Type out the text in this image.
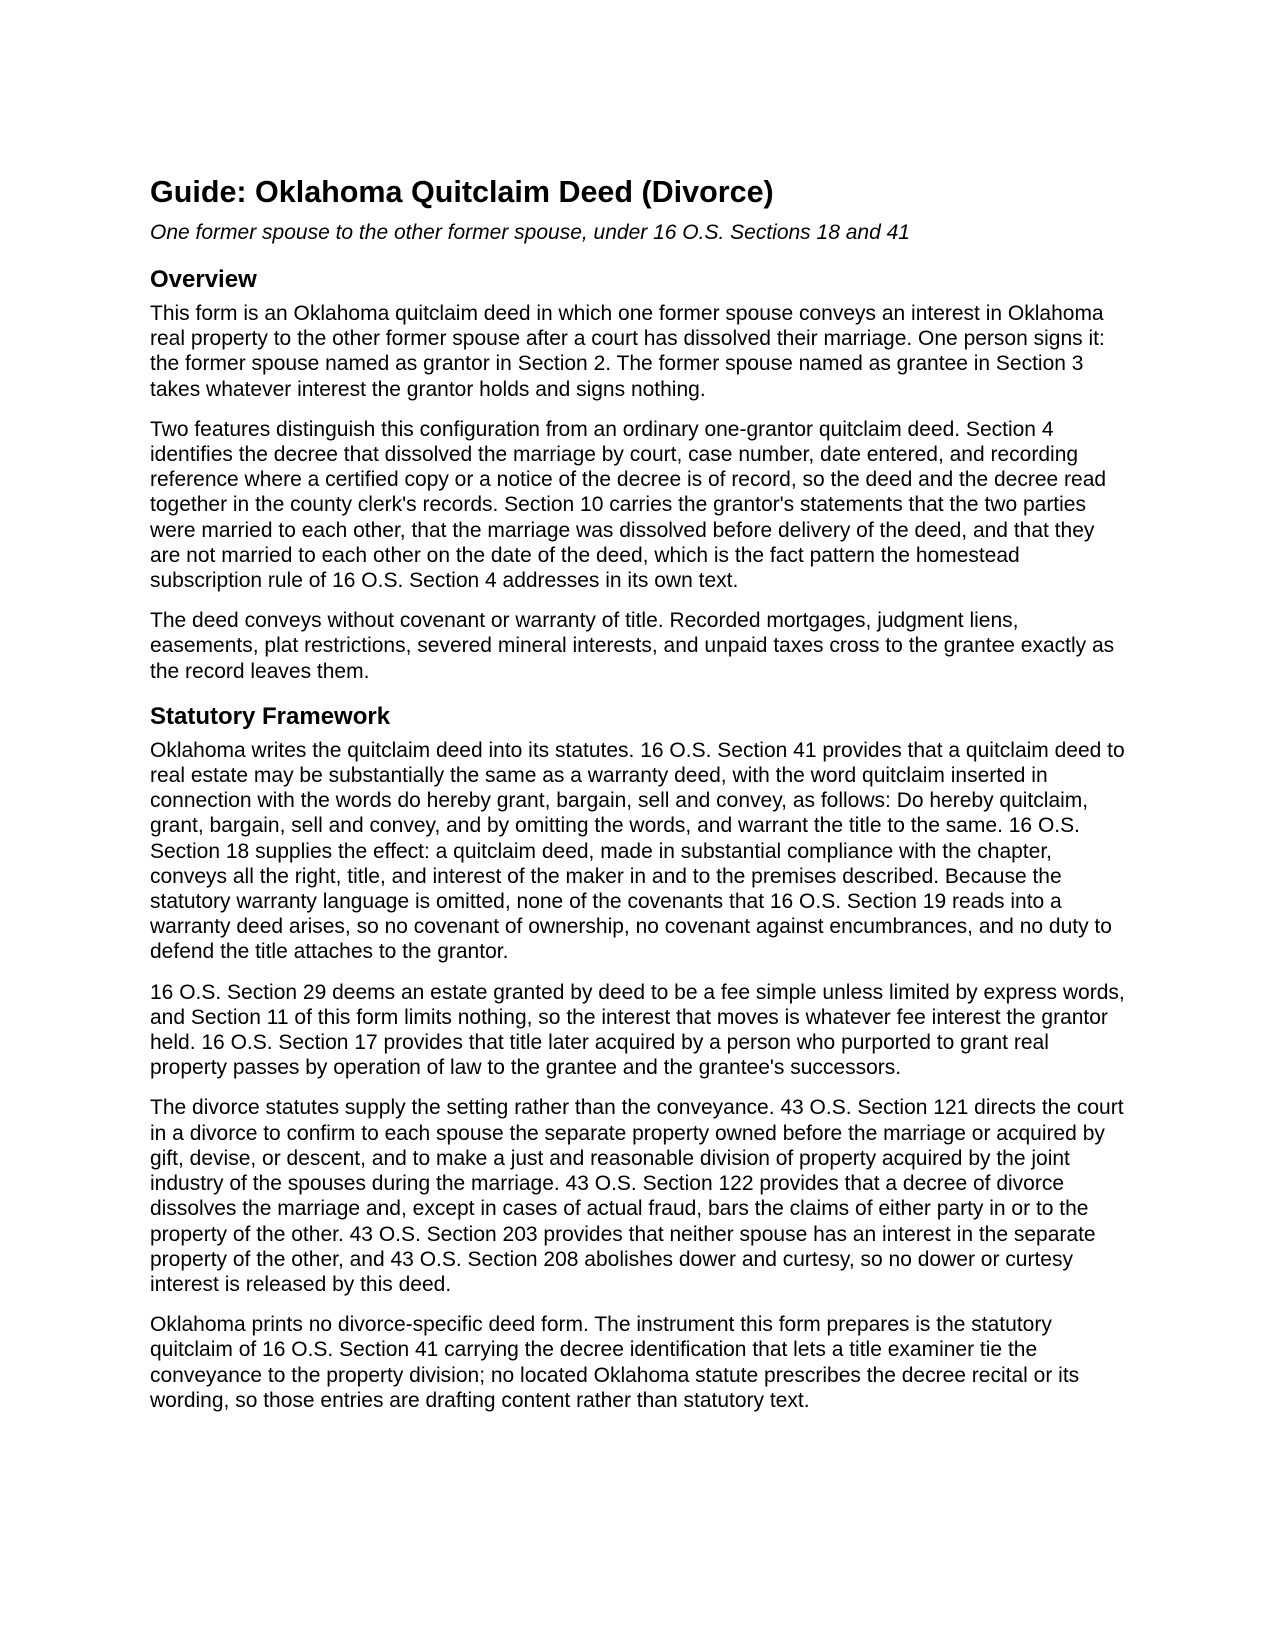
Guide: Oklahoma Quitclaim Deed (Divorce)

One former spouse to the other former spouse, under 16 O.S. Sections 18 and 41

Overview

This form is an Oklahoma quitclaim deed in which one former spouse conveys an interest in Oklahoma real property to the other former spouse after a court has dissolved their marriage. One person signs it: the former spouse named as grantor in Section 2. The former spouse named as grantee in Section 3 takes whatever interest the grantor holds and signs nothing.

Two features distinguish this configuration from an ordinary one-grantor quitclaim deed. Section 4 identifies the decree that dissolved the marriage by court, case number, date entered, and recording reference where a certified copy or a notice of the decree is of record, so the deed and the decree read together in the county clerk's records. Section 10 carries the grantor's statements that the two parties were married to each other, that the marriage was dissolved before delivery of the deed, and that they are not married to each other on the date of the deed, which is the fact pattern the homestead subscription rule of 16 O.S. Section 4 addresses in its own text.

The deed conveys without covenant or warranty of title. Recorded mortgages, judgment liens, easements, plat restrictions, severed mineral interests, and unpaid taxes cross to the grantee exactly as the record leaves them.

Statutory Framework

Oklahoma writes the quitclaim deed into its statutes. 16 O.S. Section 41 provides that a quitclaim deed to real estate may be substantially the same as a warranty deed, with the word quitclaim inserted in connection with the words do hereby grant, bargain, sell and convey, as follows: Do hereby quitclaim, grant, bargain, sell and convey, and by omitting the words, and warrant the title to the same. 16 O.S. Section 18 supplies the effect: a quitclaim deed, made in substantial compliance with the chapter, conveys all the right, title, and interest of the maker in and to the premises described. Because the statutory warranty language is omitted, none of the covenants that 16 O.S. Section 19 reads into a warranty deed arises, so no covenant of ownership, no covenant against encumbrances, and no duty to defend the title attaches to the grantor.

16 O.S. Section 29 deems an estate granted by deed to be a fee simple unless limited by express words, and Section 11 of this form limits nothing, so the interest that moves is whatever fee interest the grantor held. 16 O.S. Section 17 provides that title later acquired by a person who purported to grant real property passes by operation of law to the grantee and the grantee's successors.

The divorce statutes supply the setting rather than the conveyance. 43 O.S. Section 121 directs the court in a divorce to confirm to each spouse the separate property owned before the marriage or acquired by gift, devise, or descent, and to make a just and reasonable division of property acquired by the joint industry of the spouses during the marriage. 43 O.S. Section 122 provides that a decree of divorce dissolves the marriage and, except in cases of actual fraud, bars the claims of either party in or to the property of the other. 43 O.S. Section 203 provides that neither spouse has an interest in the separate property of the other, and 43 O.S. Section 208 abolishes dower and curtesy, so no dower or curtesy interest is released by this deed.

Oklahoma prints no divorce-specific deed form. The instrument this form prepares is the statutory quitclaim of 16 O.S. Section 41 carrying the decree identification that lets a title examiner tie the conveyance to the property division; no located Oklahoma statute prescribes the decree recital or its wording, so those entries are drafting content rather than statutory text.
